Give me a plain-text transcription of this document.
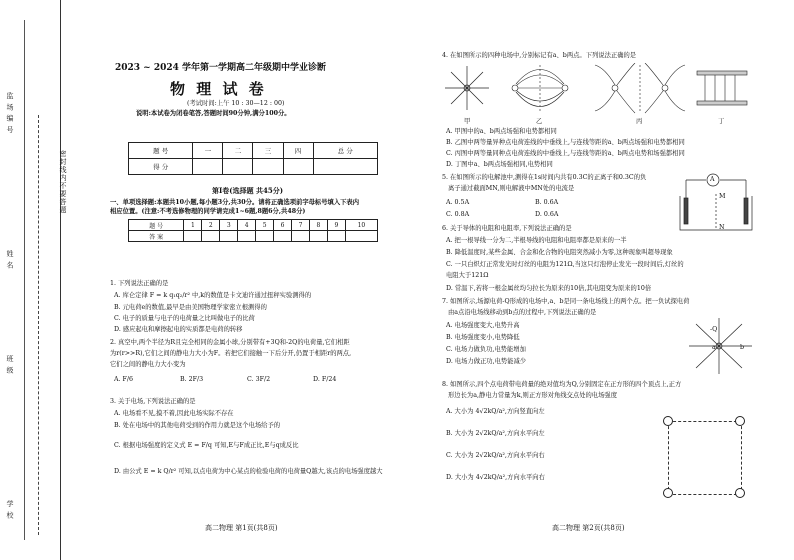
监 场 编 号
姓 名
班 级
学 校
密封线内不要答题
2023 ~ 2024 学年第一学期高二年级期中学业诊断
物 理 试 卷
(考试时间:上午 10 : 30—12 : 00)
说明:本试卷为闭卷笔答,答题时间90分钟,满分100分。
题 号	一	二	三	四	总 分
得 分					
第Ⅰ卷(选择题 共45分)
一、单项选择题:本题共10小题,每小题3分,共30分。请将正确选项前字母标号填入下表内
相应位置。(注意:不考选修物理的同学请完成1~6题,8题6分,共48分)
题 号	1	2	3	4	5	6	7	8	9	10
答 案										
1. 下列说法正确的是
A. 库仑定律 F = k q₁q₂/r² 中,k的数值是卡文迪许通过扭秤实验测得的
B. 元电荷e的数值,最早是由美国物理学家密立根测得的
C. 电子的质量与电子的电荷量之比叫做电子的比荷
D. 感应起电和摩擦起电的实质都是电荷的转移
2. 真空中,两个半径为R且完全相同的金属小球,分别带有+3Q和-2Q的电荷量,它们相距
为r(r>>R),它们之间的静电力大小为F。若把它们接触一下后分开,仍置于相距r的两点,
它们之间的静电力大小变为
A. F/6	B. 2F/3	C. 3F/2	D. F/24
3. 关于电场,下列说法正确的是
A. 电场看不见,摸不着,因此电场实际不存在
B. 处在电场中的其他电荷受到的作用力就是这个电场给予的
C. 根据电场强度的定义式 E = F/q 可知,E与F成正比,E与q成反比
D. 由公式 E = k Q/r² 可知,以点电荷为中心某点的检验电荷的电荷量Q越大,该点的电场强度越大
高二物理 第1页(共8页)
4. 在如图所示的四种电场中,分别标记有a、b两点。下列说法正确的是
甲	乙	丙	丁
A. 甲图中的a、b两点场强和电势都相同
B. 乙图中两等量异种点电荷连线的中垂线上,与连线等距的a、b两点场强和电势都相同
C. 丙图中两等量同种点电荷连线的中垂线上,与连线等距的a、b两点电势和场强都相同
D. 丁图中a、b两点场强相同,电势相同
5. 在如图所示的电解池中,测得在1s时间内共有0.3C的正离子和0.3C的负
离子通过截面MN,则电解液中MN处的电流是
A. 0.5A	B. 0.6A
C. 0.8A	D. 0.6A
A
M
N
6. 关于导体的电阻和电阻率,下列说法正确的是
A. 把一根导线一分为二,半根导线的电阻和电阻率都是原来的一半
B. 降低温度时,某些金属、合金和化合物的电阻突然减小为零,这种现象叫超导现象
C. 一只白炽灯正常发光时灯丝的电阻为121Ω,当这只灯泡停止发光一段时间后,灯丝的
电阻大于121Ω
D. 常温下,若将一根金属丝均匀拉长为原来的10倍,其电阻变为原来的10倍
7. 如图所示,场源电荷-Q形成的电场中,a、b是同一条电场线上的两个点。把一负试探电荷
由a点沿电场线移动到b点的过程中,下列说法正确的是
A. 电场强度变大,电势升高
B. 电场强度变小,电势降低
C. 电场力做负功,电势能增加
D. 电场力做正功,电势能减少
a	b
-Q
8. 如图所示,四个点电荷带电荷量的绝对值均为Q,分别固定在正方形的四个顶点上,正方
形边长为a,静电力常量为k,则正方形对角线交点处的电场强度
A. 大小为 4√2kQ/a²,方向竖直向左
B. 大小为 2√2kQ/a²,方向水平向左
C. 大小为 2√2kQ/a²,方向水平向右
D. 大小为 4√2kQ/a²,方向水平向右
高二物理 第2页(共8页)
